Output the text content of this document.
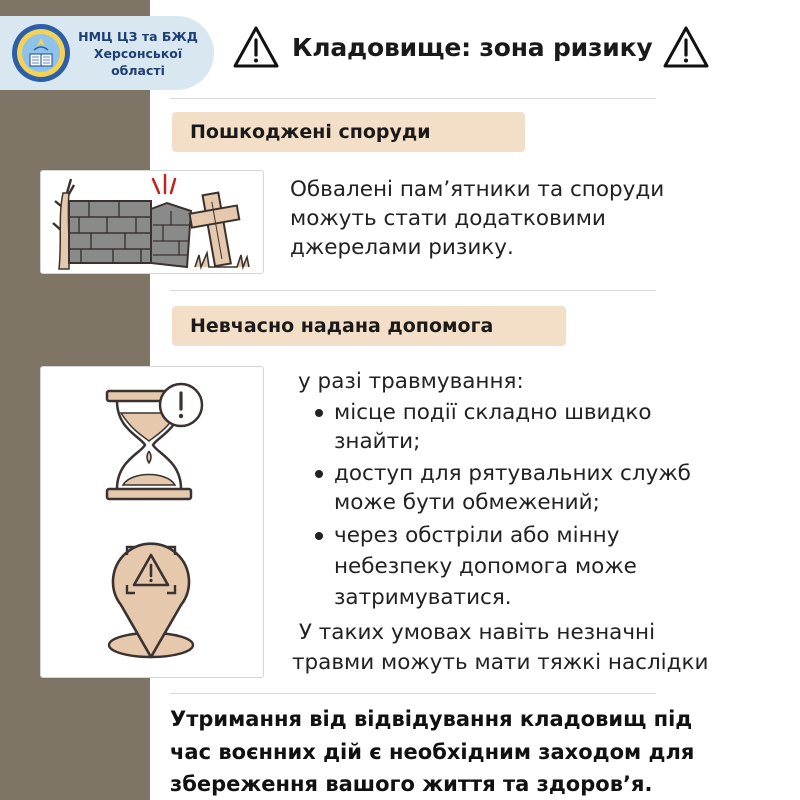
НМЦ ЦЗ та БЖД
Херсонської
області
Кладовище: зона ризику
Пошкоджені споруди
Обвалені пам’ятники та споруди
можуть стати додатковими
джерелами ризику.
Невчасно надана допомога
у разі травмування:
місце події складно швидко
знайти;
доступ для рятувальних служб
може бути обмежений;
через обстріли або мінну
небезпеку допомога може
затримуватися.
У таких умовах навіть незначні
травми можуть мати тяжкі наслідки
Утримання від відвідування кладовищ під
час воєнних дій є необхідним заходом для
збереження вашого життя та здоров’я.
